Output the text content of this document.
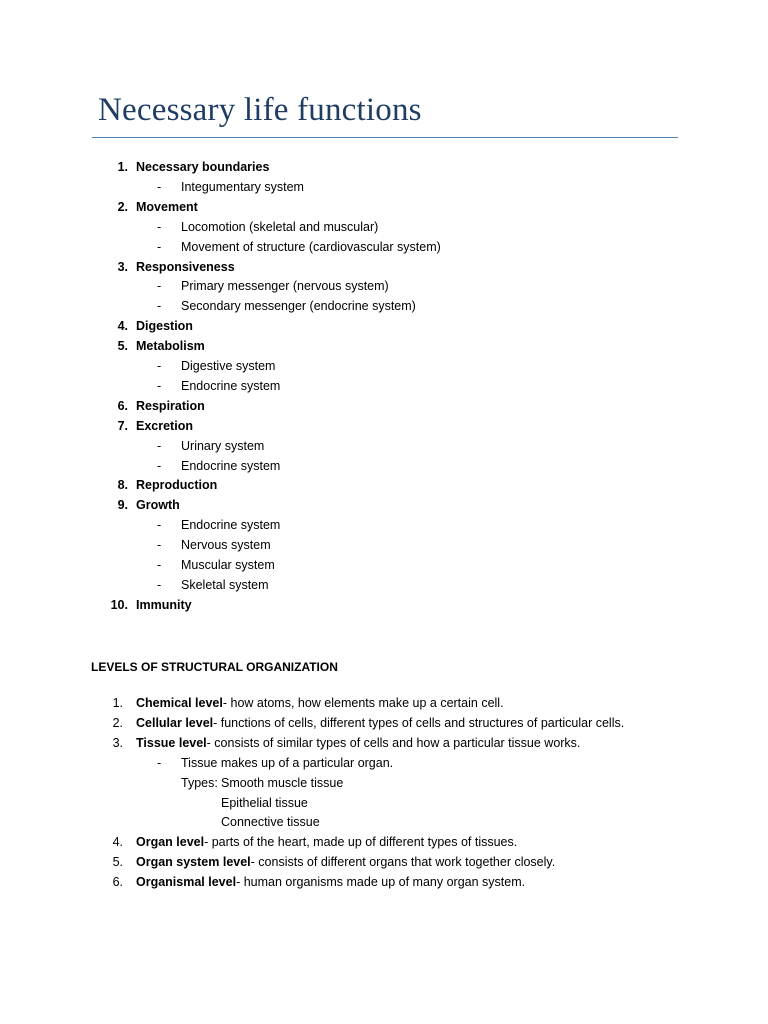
Necessary life functions
1. Necessary boundaries
- Integumentary system
2. Movement
- Locomotion (skeletal and muscular)
- Movement of structure (cardiovascular system)
3. Responsiveness
- Primary messenger (nervous system)
- Secondary messenger (endocrine system)
4. Digestion
5. Metabolism
- Digestive system
- Endocrine system
6. Respiration
7. Excretion
- Urinary system
- Endocrine system
8. Reproduction
9. Growth
- Endocrine system
- Nervous system
- Muscular system
- Skeletal system
10. Immunity
LEVELS OF STRUCTURAL ORGANIZATION
1. Chemical level- how atoms, how elements make up a certain cell.
2. Cellular level- functions of cells, different types of cells and structures of particular cells.
3. Tissue level- consists of similar types of cells and how a particular tissue works.
- Tissue makes up of a particular organ.
Types: Smooth muscle tissue
Epithelial tissue
Connective tissue
4. Organ level- parts of the heart, made up of different types of tissues.
5. Organ system level- consists of different organs that work together closely.
6. Organismal level- human organisms made up of many organ system.
